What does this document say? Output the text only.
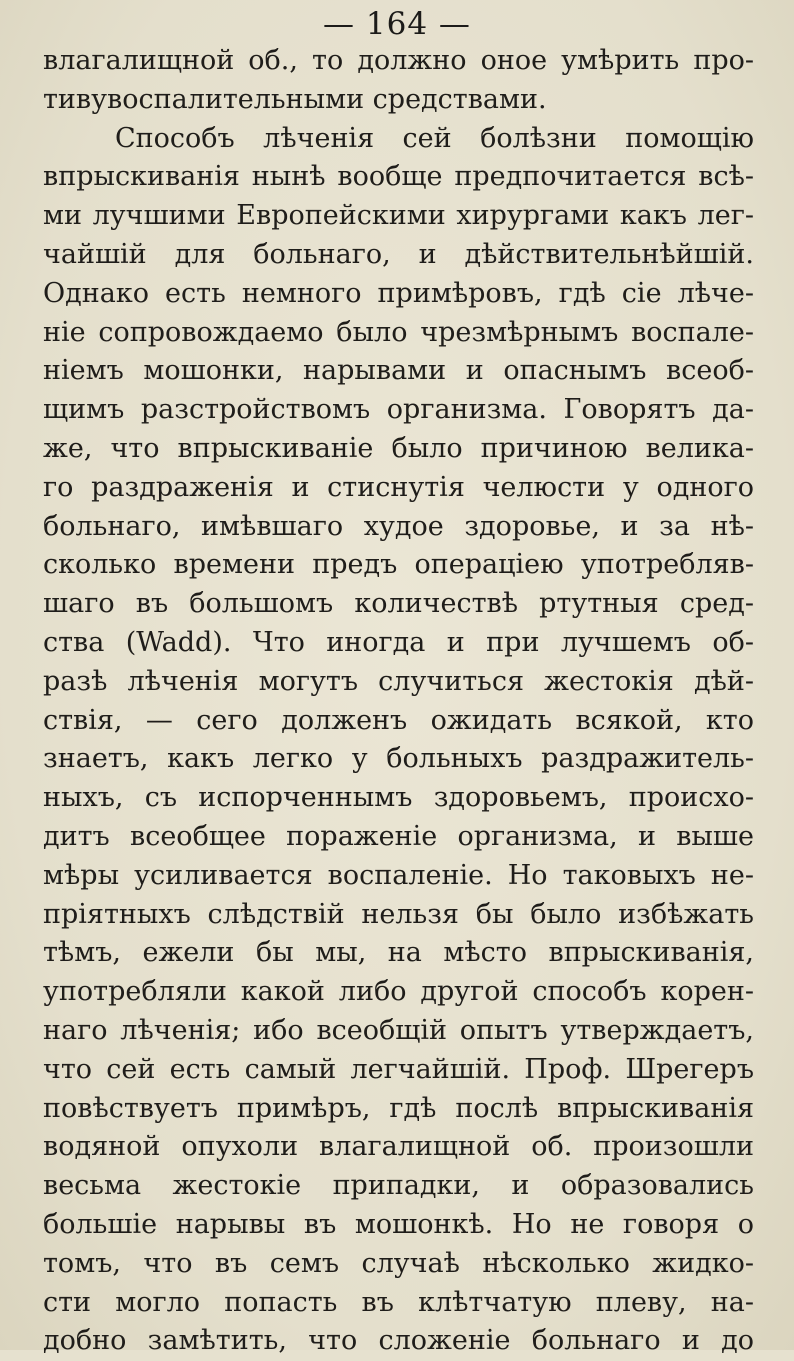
— 164 —
влагалищной об., то должно оное умѣрить про-
тивувоспалительными средствами.
Способъ лѣченія сей болѣзни помощію
впрыскиванія нынѣ вообще предпочитается всѣ-
ми лучшими Европейскими хирургами какъ лег-
чайшій для больнаго, и дѣйствительнѣйшій.
Однако есть немного примѣровъ, гдѣ сіе лѣче-
ніе сопровождаемо было чрезмѣрнымъ воспале-
ніемъ мошонки, нарывами и опаснымъ всеоб-
щимъ разстройствомъ организма. Говорятъ да-
же, что впрыскиваніе было причиною велика-
го раздраженія и стиснутія челюсти у одного
больнаго, имѣвшаго худое здоровье, и за нѣ-
сколько времени предъ операціею употребляв-
шаго въ большомъ количествѣ ртутныя сред-
ства (Wadd). Что иногда и при лучшемъ об-
разѣ лѣченія могутъ случиться жестокія дѣй-
ствія, — сего долженъ ожидать всякой, кто
знаетъ, какъ легко у больныхъ раздражитель-
ныхъ, съ испорченнымъ здоровьемъ, происхо-
дитъ всеобщее пораженіе организма, и выше
мѣры усиливается воспаленіе. Но таковыхъ не-
пріятныхъ слѣдствій нельзя бы было избѣжать
тѣмъ, ежели бы мы, на мѣсто впрыскиванія,
употребляли какой либо другой способъ корен-
наго лѣченія; ибо всеобщій опытъ утверждаетъ,
что сей есть самый легчайшій. Проф. Шрегеръ
повѣствуетъ примѣръ, гдѣ послѣ впрыскиванія
водяной опухоли влагалищной об. произошли
весьма жестокіе припадки, и образовались
большіе нарывы въ мошонкѣ. Но не говоря о
томъ, что въ семъ случаѣ нѣсколько жидко-
сти могло попасть въ клѣтчатую плеву, на-
добно замѣтить, что сложеніе больнаго и до
